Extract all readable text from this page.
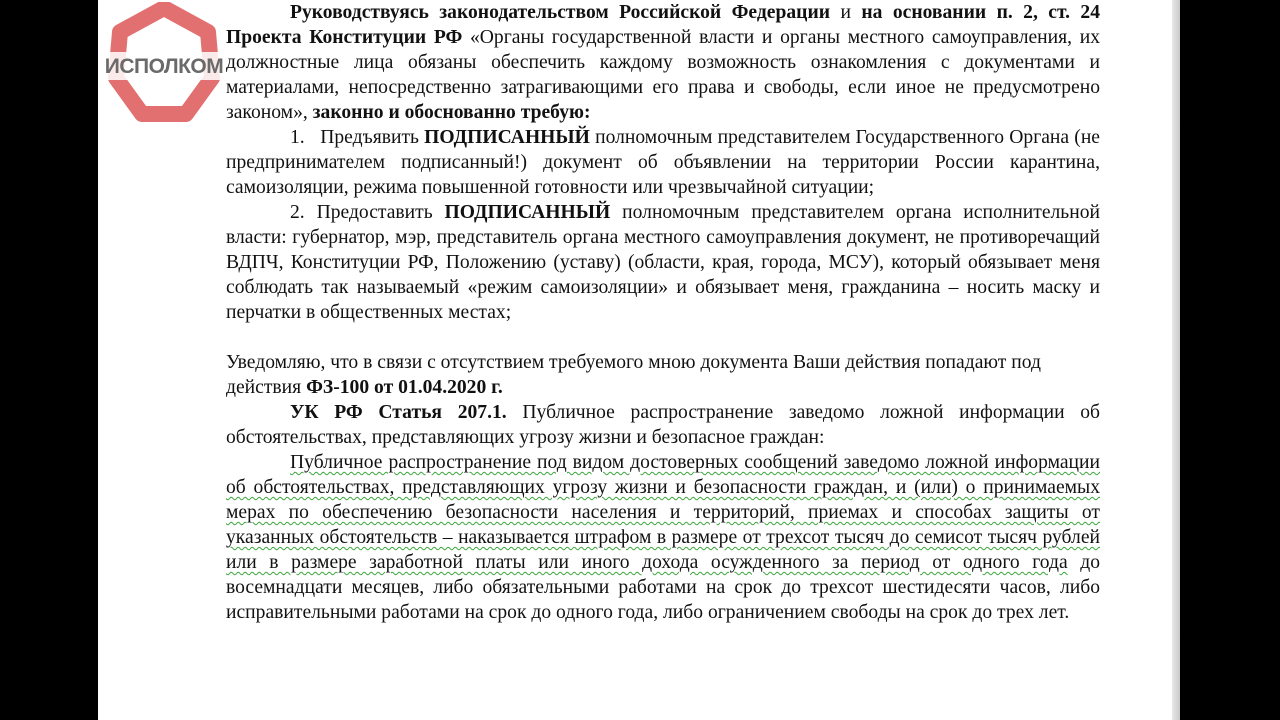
ИСПОЛКОМ

Руководствуясь законодательством Российской Федерации и на основании п. 2, ст. 24 Проекта Конституции РФ «Органы государственной власти и органы местного самоуправления, их должностные лица обязаны обеспечить каждому возможность ознакомления с документами и материалами, непосредственно затрагивающими его права и свободы, если иное не предусмотрено законом», законно и обоснованно требую:

1.   Предъявить ПОДПИСАННЫЙ полномочным представителем Государственного Органа (не предпринимателем подписанный!) документ об объявлении на территории России карантина, самоизоляции, режима повышенной готовности или чрезвычайной ситуации;

2. Предоставить ПОДПИСАННЫЙ полномочным представителем органа исполнительной власти: губернатор, мэр, представитель органа местного самоуправления документ, не противоречащий ВДПЧ, Конституции РФ, Положению (уставу) (области, края, города, МСУ), который обязывает меня соблюдать так называемый «режим самоизоляции» и обязывает меня, гражданина – носить маску и перчатки в общественных местах;

Уведомляю, что в связи с отсутствием требуемого мною документа Ваши действия попадают под действия ФЗ-100 от 01.04.2020 г.

УК РФ Статья 207.1. Публичное распространение заведомо ложной информации об обстоятельствах, представляющих угрозу жизни и безопасное граждан:

Публичное распространение под видом достоверных сообщений заведомо ложной информации об обстоятельствах, представляющих угрозу жизни и безопасности граждан, и (или) о принимаемых мерах по обеспечению безопасности населения и территорий, приемах и способах защиты от указанных обстоятельств – наказывается штрафом в размере от трехсот тысяч до семисот тысяч рублей или в размере заработной платы или иного дохода осужденного за период от одного года до восемнадцати месяцев, либо обязательными работами на срок до трехсот шестидесяти часов, либо исправительными работами на срок до одного года, либо ограничением свободы на срок до трех лет.
